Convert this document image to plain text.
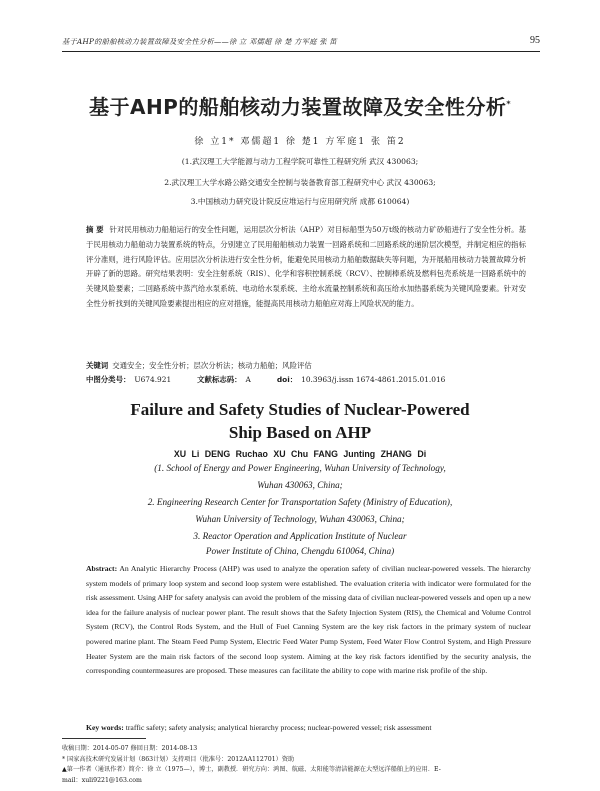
基于AHP的船舶核动力装置故障及安全性分析——徐 立 邓儒超 徐 楚 方军庭 张 笛	95
基于AHP的船舶核动力装置故障及安全性分析*
徐 立1* 邓儒超1 徐 楚1 方军庭1 张 笛2
(1.武汉理工大学能源与动力工程学院可靠性工程研究所 武汉 430063;
2.武汉理工大学水路公路交通安全控制与装备教育部工程研究中心 武汉 430063;
3.中国核动力研究设计院反应堆运行与应用研究所 成都 610064)
摘 要 针对民用核动力船舶运行的安全性问题，运用层次分析法（AHP）对目标船型为50万t级的核动力矿砂船进行了安全性分析。基于民用核动力船舶动力装置系统的特点，分别建立了民用船舶核动力装置一回路系统和二回路系统的递阶层次模型，并制定相应的指标评分准则，进行风险评估。应用层次分析法进行安全性分析，能避免民用核动力船舶数据缺失等问题，为开展船用核动力装置故障分析开辟了新的思路。研究结果表明：安全注射系统（RIS）、化学和容积控制系统（RCV）、控制棒系统及燃料包壳系统是一回路系统中的关键风险要素；二回路系统中蒸汽给水泵系统、电动给水泵系统、主给水流量控制系统和高压给水加热器系统为关键风险要素。针对安全性分析找到的关键风险要素提出相应的应对措施，能提高民用核动力船舶应对海上风险状况的能力。
关键词 交通安全；安全性分析；层次分析法；核动力船舶；风险评估
中图分类号： U674.921	文献标志码： A	doi： 10.3963/j.issn 1674-4861.2015.01.016
Failure and Safety Studies of Nuclear-Powered
Ship Based on AHP
XU Li DENG Ruchao XU Chu FANG Junting ZHANG Di
(1. School of Energy and Power Engineering, Wuhan University of Technology,
Wuhan 430063, China;
2. Engineering Research Center for Transportation Safety (Ministry of Education),
Wuhan University of Technology, Wuhan 430063, China;
3. Reactor Operation and Application Institute of Nuclear
Power Institute of China, Chengdu 610064, China)
Abstract: An Analytic Hierarchy Process (AHP) was used to analyze the operation safety of civilian nuclear-powered vessels. The hierarchy system models of primary loop system and second loop system were established. The evaluation criteria with indicator were formulated for the risk assessment. Using AHP for safety analysis can avoid the problem of the missing data of civilian nuclear-powered vessels and open up a new idea for the failure analysis of nuclear power plant. The result shows that the Safety Injection System (RIS), the Chemical and Volume Control System (RCV), the Control Rods System, and the Hull of Fuel Canning System are the key risk factors in the primary system of nuclear powered marine plant. The Steam Feed Pump System, Electric Feed Water Pump System, Feed Water Flow Control System, and High Pressure Heater System are the main risk factors of the second loop system. Aiming at the key risk factors identified by the security analysis, the corresponding countermeasures are proposed. These measures can facilitate the ability to cope with marine risk profile of the ship.
Key words: traffic safety; safety analysis; analytical hierarchy process; nuclear-powered vessel; risk assessment
收稿日期：2014-05-07 修回日期：2014-08-13
* 国家高技术研究发展计划（863计划）支持项目（批准号：2012AA112701）资助
▲第一作者（通讯作者）简介：徐 立（1975—），博士，副教授．研究方向：鸿图、航磁、太阳能等清洁能源在大型远洋船舶上的应用．E-
mail：xuli9221@163.com
